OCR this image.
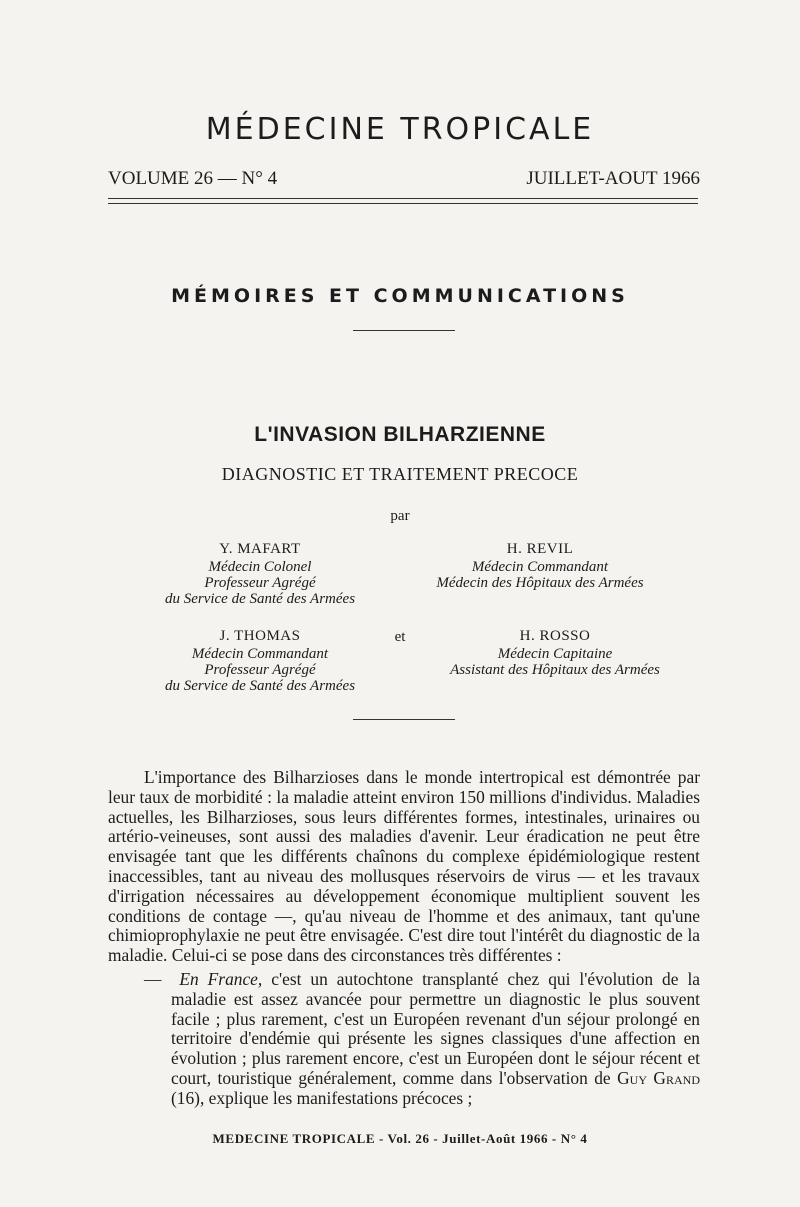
MÉDECINE TROPICALE
VOLUME 26 — N° 4	JUILLET-AOUT 1966
MÉMOIRES ET COMMUNICATIONS
L'INVASION BILHARZIENNE
DIAGNOSTIC ET TRAITEMENT PRECOCE
par
Y. MAFART
Médecin Colonel
Professeur Agrégé
du Service de Santé des Armées
H. REVIL
Médecin Commandant
Médecin des Hôpitaux des Armées
et
J. THOMAS
Médecin Commandant
Professeur Agrégé
du Service de Santé des Armées
H. ROSSO
Médecin Capitaine
Assistant des Hôpitaux des Armées

L'importance des Bilharzioses dans le monde intertropical est démontrée par leur taux de morbidité : la maladie atteint environ 150 millions d'individus. Maladies actuelles, les Bilharzioses, sous leurs différentes formes, intestinales, urinaires ou artério-veineuses, sont aussi des maladies d'avenir. Leur éradication ne peut être envisagée tant que les différents chaînons du complexe épidémiologique restent inaccessibles, tant au niveau des mollusques réservoirs de virus — et les travaux d'irrigation nécessaires au développement économique multiplient souvent les conditions de contage —, qu'au niveau de l'homme et des animaux, tant qu'une chimioprophylaxie ne peut être envisagée. C'est dire tout l'intérêt du diagnostic de la maladie. Celui-ci se pose dans des circonstances très différentes :

— En France, c'est un autochtone transplanté chez qui l'évolution de la maladie est assez avancée pour permettre un diagnostic le plus souvent facile ; plus rarement, c'est un Européen revenant d'un séjour prolongé en territoire d'endémie qui présente les signes classiques d'une affection en évolution ; plus rarement encore, c'est un Européen dont le séjour récent et court, touristique généralement, comme dans l'observation de Guy Grand (16), explique les manifestations précoces ;

MEDECINE TROPICALE - Vol. 26 - Juillet-Août 1966 - N° 4
